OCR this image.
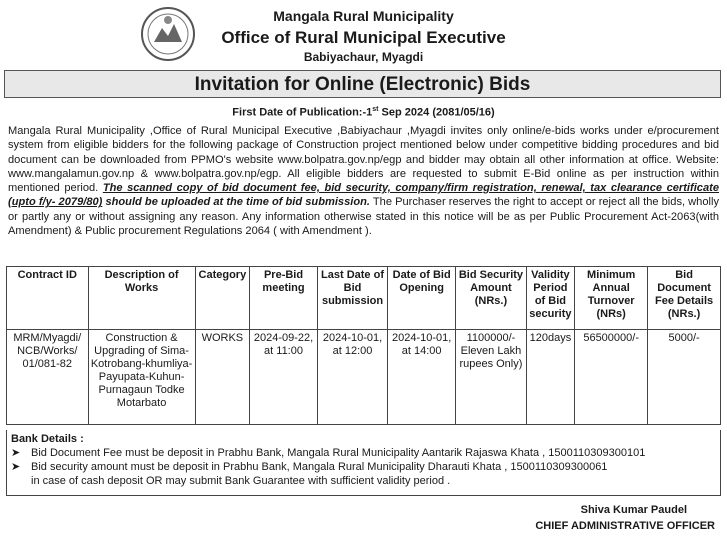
Mangala Rural Municipality
Office of Rural Municipal Executive
Babiyachaur, Myagdi
Invitation for Online (Electronic) Bids
First Date of Publication:-1st Sep 2024 (2081/05/16)
Mangala Rural Municipality ,Office of Rural Municipal Executive ,Babiyachaur ,Myagdi invites only online/e-bids works under e/procurement system from eligible bidders for the following package of Construction project mentioned below under competitive bidding procedures and bid document can be downloaded from PPMO's website www.bolpatra.gov.np/egp and bidder may obtain all other information at office. Website: www.mangalamun.gov.np & www.bolpatra.gov.np/egp. All eligible bidders are requested to submit E-Bid online as per instruction within mentioned period. The scanned copy of bid document fee, bid security, company/firm registration, renewal, tax clearance certificate (upto f/y- 2079/80) should be uploaded at the time of bid submission. The Purchaser reserves the right to accept or reject all the bids, wholly or partly any or without assigning any reason. Any information otherwise stated in this notice will be as per Public Procurement Act-2063(with Amendment) & Public procurement Regulations 2064 ( with Amendment ).
Contract ID	Description of Works	Category	Pre-Bid meeting	Last Date of Bid submission	Date of Bid Opening	Bid Security Amount (NRs.)	Validity Period of Bid security	Minimum Annual Turnover (NRs)	Bid Document Fee Details (NRs.)
MRM/Myagdi/ NCB/Works/ 01/081-82	Construction & Upgrading of Sima-Kotrobang-khumliya-Payupata-Kuhun-Purnagaun Todke Motarbato	WORKS	2024-09-22, at 11:00	2024-10-01, at 12:00	2024-10-01, at 14:00	1100000/- Eleven Lakh rupees Only)	120days	56500000/-	5000/-
Bank Details :
➤ Bid Document Fee must be deposit in Prabhu Bank, Mangala Rural Municipality Aantarik Rajaswa Khata , 1500110309300101
➤ Bid security amount must be deposit in Prabhu Bank, Mangala Rural Municipality Dharauti Khata , 1500110309300061
in case of cash deposit OR may submit Bank Guarantee with sufficient validity period .
Shiva Kumar Paudel
CHIEF ADMINISTRATIVE OFFICER
